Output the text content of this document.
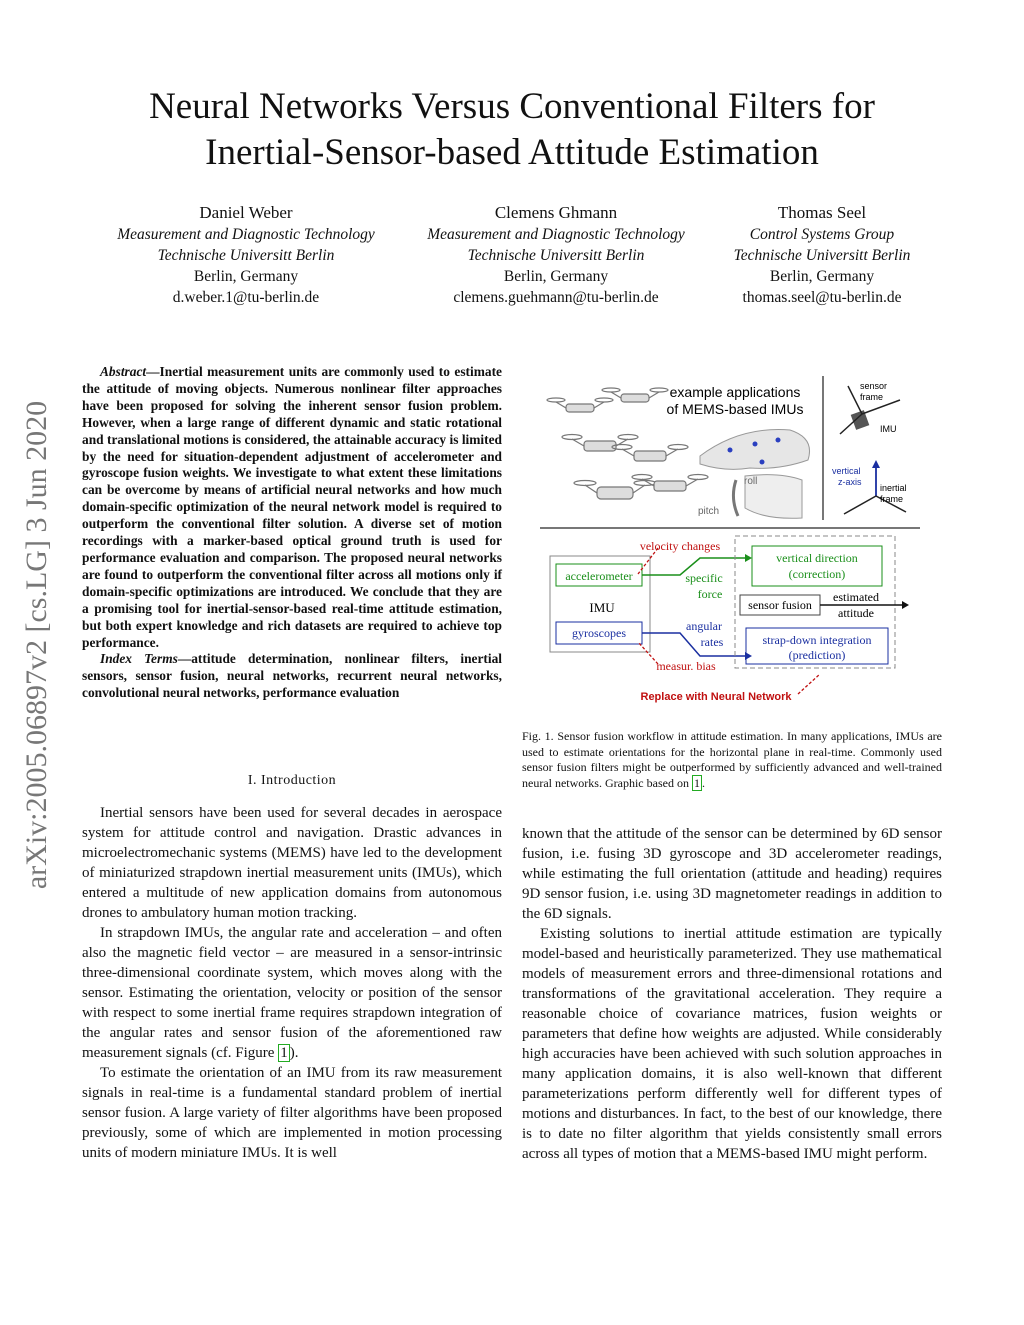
Neural Networks Versus Conventional Filters for
Inertial-Sensor-based Attitude Estimation
Daniel Weber
Measurement and Diagnostic Technology
Technische Universitt Berlin
Berlin, Germany
d.weber.1@tu-berlin.de
Clemens Ghmann
Measurement and Diagnostic Technology
Technische Universitt Berlin
Berlin, Germany
clemens.guehmann@tu-berlin.de
Thomas Seel
Control Systems Group
Technische Universitt Berlin
Berlin, Germany
thomas.seel@tu-berlin.de
arXiv:2005.06897v2 [cs.LG] 3 Jun 2020
Abstract—Inertial measurement units are commonly used to estimate the attitude of moving objects. Numerous nonlinear filter approaches have been proposed for solving the inherent sensor fusion problem. However, when a large range of different dynamic and static rotational and translational motions is considered, the attainable accuracy is limited by the need for situation-dependent adjustment of accelerometer and gyroscope fusion weights. We investigate to what extent these limitations can be overcome by means of artificial neural networks and how much domain-specific optimization of the neural network model is required to outperform the conventional filter solution. A diverse set of motion recordings with a marker-based optical ground truth is used for performance evaluation and comparison. The proposed neural networks are found to outperform the conventional filter across all motions only if domain-specific optimizations are introduced. We conclude that they are a promising tool for inertial-sensor-based real-time attitude estimation, but both expert knowledge and rich datasets are required to achieve top performance.
Index Terms—attitude determination, nonlinear filters, inertial sensors, sensor fusion, neural networks, recurrent neural networks, convolutional neural networks, performance evaluation
I. Introduction

Inertial sensors have been used for several decades in aerospace system for attitude control and navigation. Drastic advances in microelectromechanic systems (MEMS) have led to the development of miniaturized strapdown inertial measurement units (IMUs), which entered a multitude of new application domains from autonomous drones to ambulatory human motion tracking.

In strapdown IMUs, the angular rate and acceleration – and often also the magnetic field vector – are measured in a sensor-intrinsic three-dimensional coordinate system, which moves along with the sensor. Estimating the orientation, velocity or position of the sensor with respect to some inertial frame requires strapdown integration of the angular rates and sensor fusion of the aforementioned raw measurement signals (cf. Figure 1 ).

To estimate the orientation of an IMU from its raw measurement signals in real-time is a fundamental standard problem of inertial sensor fusion. A large variety of filter algorithms have been proposed previously, some of which are implemented in motion processing units of modern miniature IMUs. It is well

roll
pitch
example applications
of MEMS-based IMUs
sensor
frame
IMU
vertical
z-axis
inertial
frame
accelerometer
IMU
gyroscopes
velocity changes
specific
force
angular
rates
vertical direction
(correction)
sensor fusion
estimated
attitude
strap-down integration
(prediction)
measur. bias
Replace with Neural Network
Fig. 1. Sensor fusion workflow in attitude estimation. In many applications, IMUs are used to estimate orientations for the horizontal plane in real-time. Commonly used sensor fusion filters might be outperformed by sufficiently advanced and well-trained neural networks. Graphic based on 1 .

known that the attitude of the sensor can be determined by 6D sensor fusion, i.e. fusing 3D gyroscope and 3D accelerometer readings, while estimating the full orientation (attitude and heading) requires 9D sensor fusion, i.e. using 3D magnetometer readings in addition to the 6D signals.

Existing solutions to inertial attitude estimation are typically model-based and heuristically parameterized. They use mathematical models of measurement errors and three-dimensional rotations and transformations of the gravitational acceleration. They require a reasonable choice of covariance matrices, fusion weights or parameters that define how weights are adjusted. While considerably high accuracies have been achieved with such solution approaches in many application domains, it is also well-known that different parameterizations perform differently well for different types of motions and disturbances. In fact, to the best of our knowledge, there is to date no filter algorithm that yields consistently small errors across all types of motion that a MEMS-based IMU might perform.
